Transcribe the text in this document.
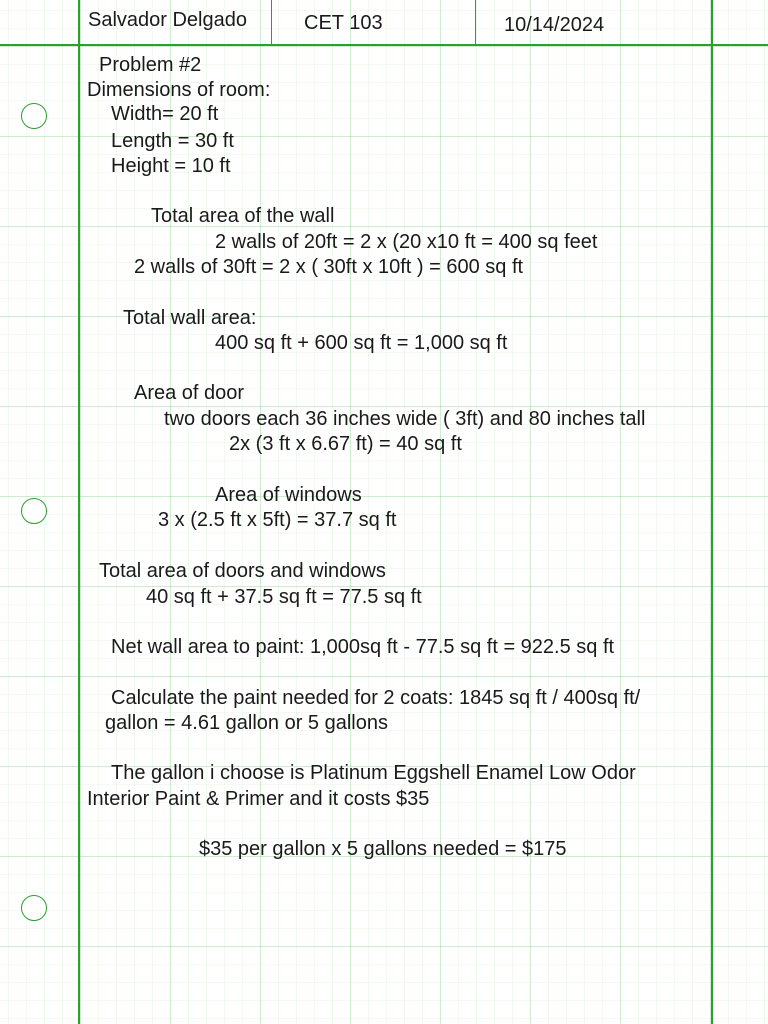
Salvador Delgado	CET 103	10/14/2024
Problem #2
Dimensions of room:
Width= 20 ft
Length = 30 ft
Height = 10 ft
Total area of the wall
2 walls of 20ft = 2 x (20 x10 ft = 400 sq feet
2 walls of 30ft = 2 x ( 30ft x 10ft ) = 600 sq ft
Total wall area:
400 sq ft + 600 sq ft = 1,000 sq ft
Area of door
two doors each 36 inches wide ( 3ft) and 80 inches tall
2x (3 ft x 6.67 ft) = 40 sq ft
Area of windows
3 x (2.5 ft x 5ft) = 37.7 sq ft
Total area of doors and windows
40 sq ft + 37.5 sq ft = 77.5 sq ft
Net wall area to paint: 1,000sq ft - 77.5 sq ft = 922.5 sq ft
Calculate the paint needed for 2 coats: 1845 sq ft / 400sq ft/
gallon = 4.61 gallon or 5 gallons
The gallon i choose is Platinum Eggshell Enamel Low Odor
Interior Paint & Primer and it costs $35
$35 per gallon x 5 gallons needed = $175
